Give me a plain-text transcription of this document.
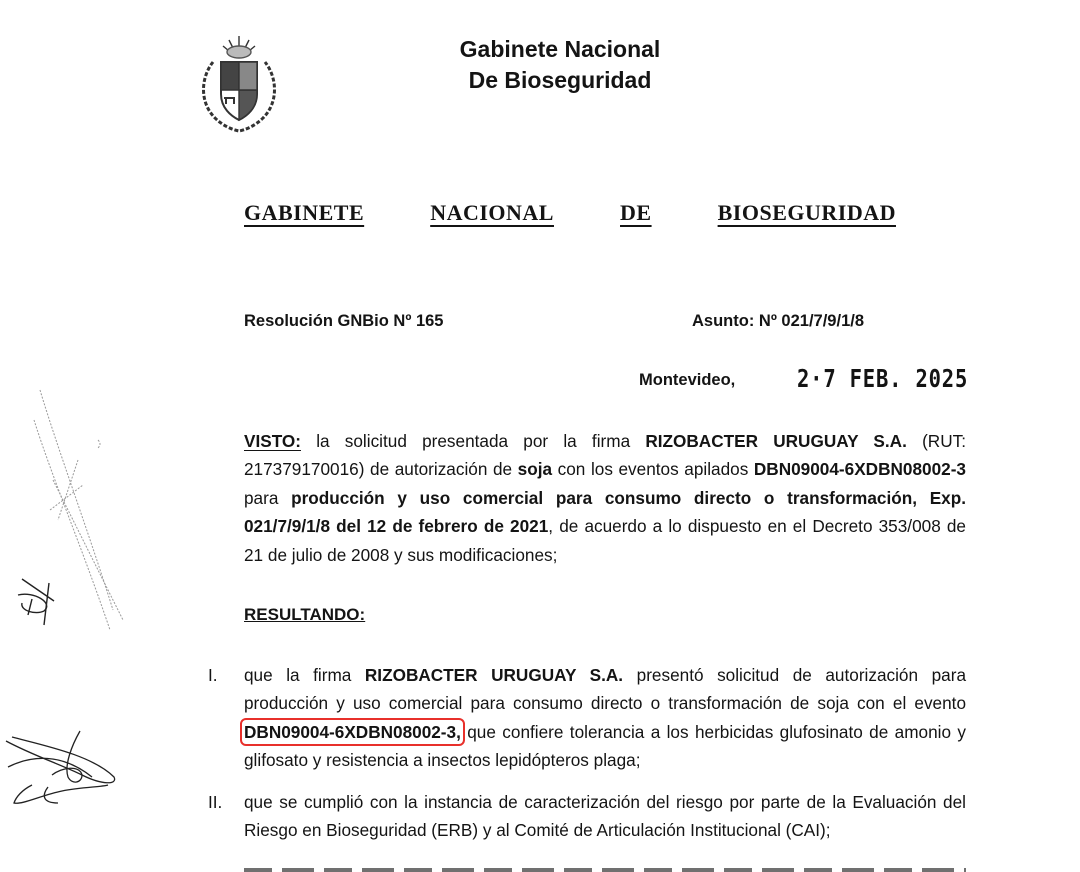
Gabinete Nacional
De Bioseguridad
GABINETE	NACIONAL	DE	BIOSEGURIDAD
Resolución GNBio Nº 165	Asunto: Nº 021/7/9/1/8
Montevideo, 2·7 FEB. 2025
VISTO: la solicitud presentada por la firma RIZOBACTER URUGUAY S.A. (RUT: 217379170016) de autorización de soja con los eventos apilados DBN09004-6XDBN08002-3 para producción y uso comercial para consumo directo o transformación, Exp. 021/7/9/1/8 del 12 de febrero de 2021, de acuerdo a lo dispuesto en el Decreto 353/008 de 21 de julio de 2008 y sus modificaciones;
RESULTANDO:
I.	que la firma RIZOBACTER URUGUAY S.A. presentó solicitud de autorización para producción y uso comercial para consumo directo o transformación de soja con el evento DBN09004-6XDBN08002-3, que confiere tolerancia a los herbicidas glufosinato de amonio y glifosato y resistencia a insectos lepidópteros plaga;
II.	que se cumplió con la instancia de caracterización del riesgo por parte de la Evaluación del Riesgo en Bioseguridad (ERB) y al Comité de Articulación Institucional (CAI);
